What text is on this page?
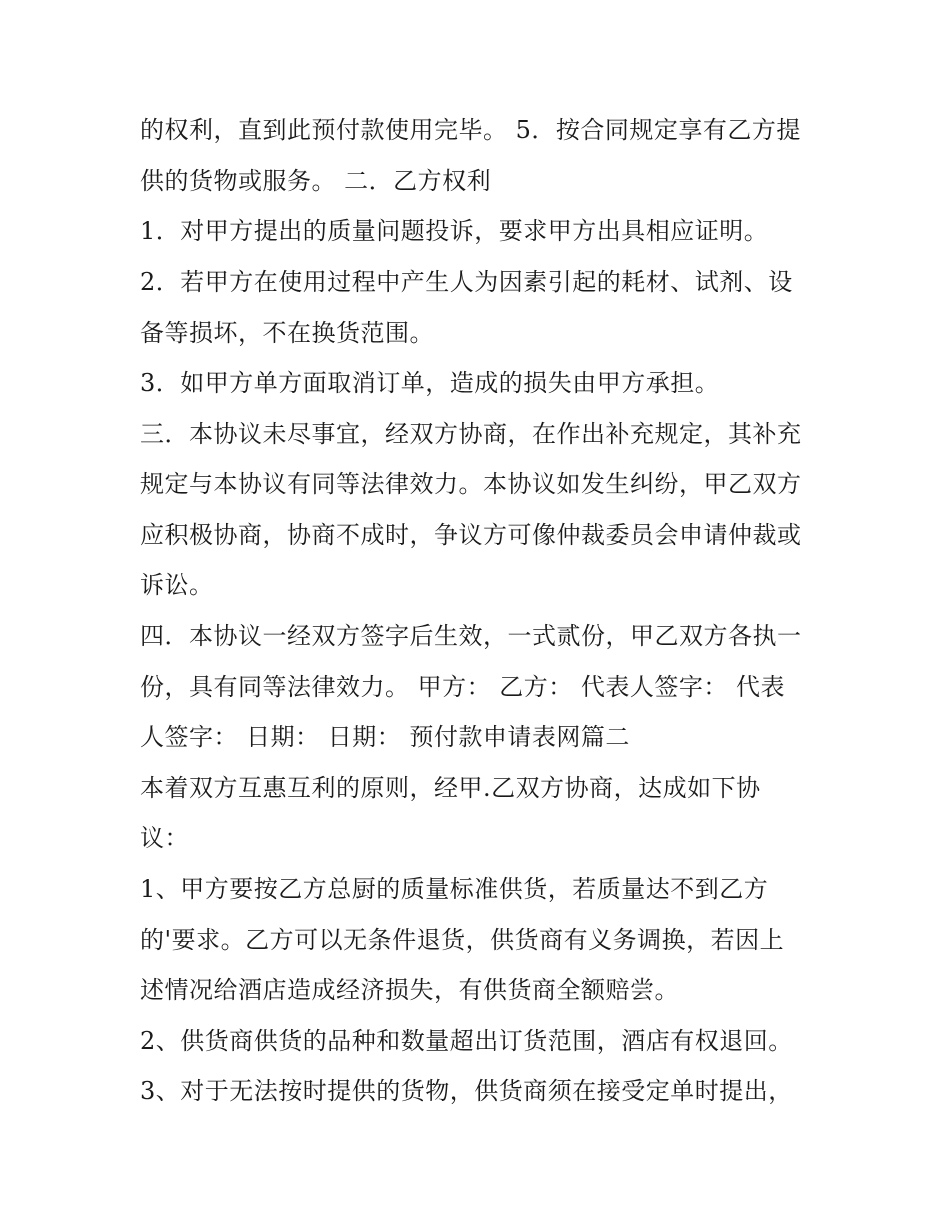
的权利，直到此预付款使用完毕。 5．按合同规定享有乙方提
供的货物或服务。 二．乙方权利
1．对甲方提出的质量问题投诉，要求甲方出具相应证明。
2．若甲方在使用过程中产生人为因素引起的耗材、试剂、设
备等损坏，不在换货范围。
3．如甲方单方面取消订单，造成的损失由甲方承担。
三．本协议未尽事宜，经双方协商，在作出补充规定，其补充
规定与本协议有同等法律效力。本协议如发生纠纷，甲乙双方
应积极协商，协商不成时，争议方可像仲裁委员会申请仲裁或
诉讼。
四．本协议一经双方签字后生效，一式贰份，甲乙双方各执一
份，具有同等法律效力。 甲方： 乙方： 代表人签字： 代表
人签字： 日期： 日期： 预付款申请表网篇二
本着双方互惠互利的原则，经甲.乙双方协商，达成如下协
议：
1、甲方要按乙方总厨的质量标准供货，若质量达不到乙方
的'要求。乙方可以无条件退货，供货商有义务调换，若因上
述情况给酒店造成经济损失，有供货商全额赔尝。
2、供货商供货的品种和数量超出订货范围，酒店有权退回。
3、对于无法按时提供的货物，供货商须在接受定单时提出，
